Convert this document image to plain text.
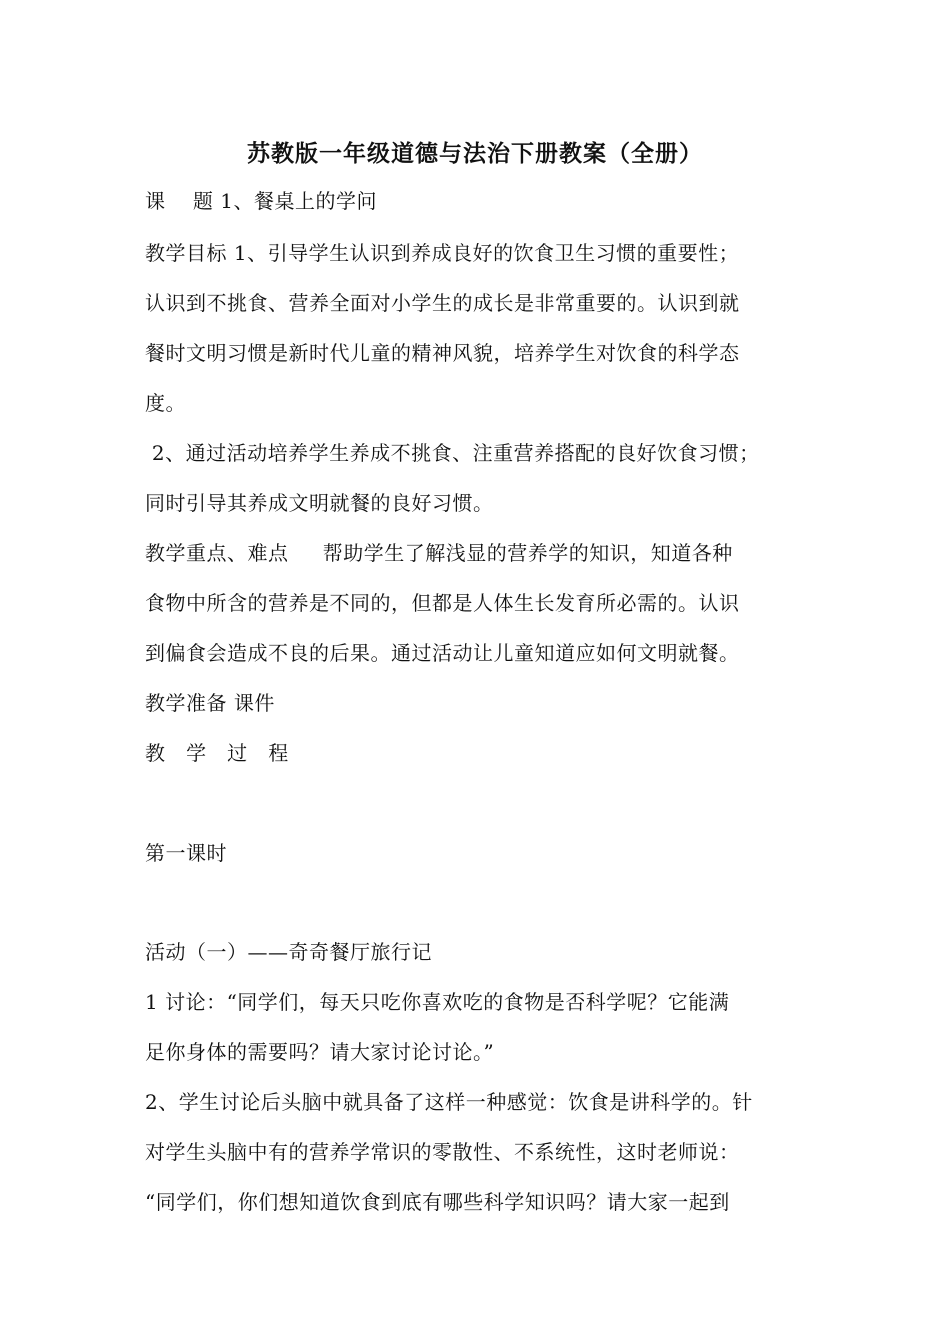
苏教版一年级道德与法治下册教案（全册）
课    题 1、餐桌上的学问
教学目标 1、引导学生认识到养成良好的饮食卫生习惯的重要性；
认识到不挑食、营养全面对小学生的成长是非常重要的。认识到就
餐时文明习惯是新时代儿童的精神风貌，培养学生对饮食的科学态
度。
2、通过活动培养学生养成不挑食、注重营养搭配的良好饮食习惯；
同时引导其养成文明就餐的良好习惯。
教学重点、难点     帮助学生了解浅显的营养学的知识，知道各种
食物中所含的营养是不同的，但都是人体生长发育所必需的。认识
到偏食会造成不良的后果。通过活动让儿童知道应如何文明就餐。
教学准备 课件
教   学   过   程
第一课时
活动（一）——奇奇餐厅旅行记
1 讨论：“同学们，每天只吃你喜欢吃的食物是否科学呢？它能满
足你身体的需要吗？请大家讨论讨论。”
2、学生讨论后头脑中就具备了这样一种感觉：饮食是讲科学的。针
对学生头脑中有的营养学常识的零散性、不系统性，这时老师说：
“同学们，你们想知道饮食到底有哪些科学知识吗？请大家一起到
